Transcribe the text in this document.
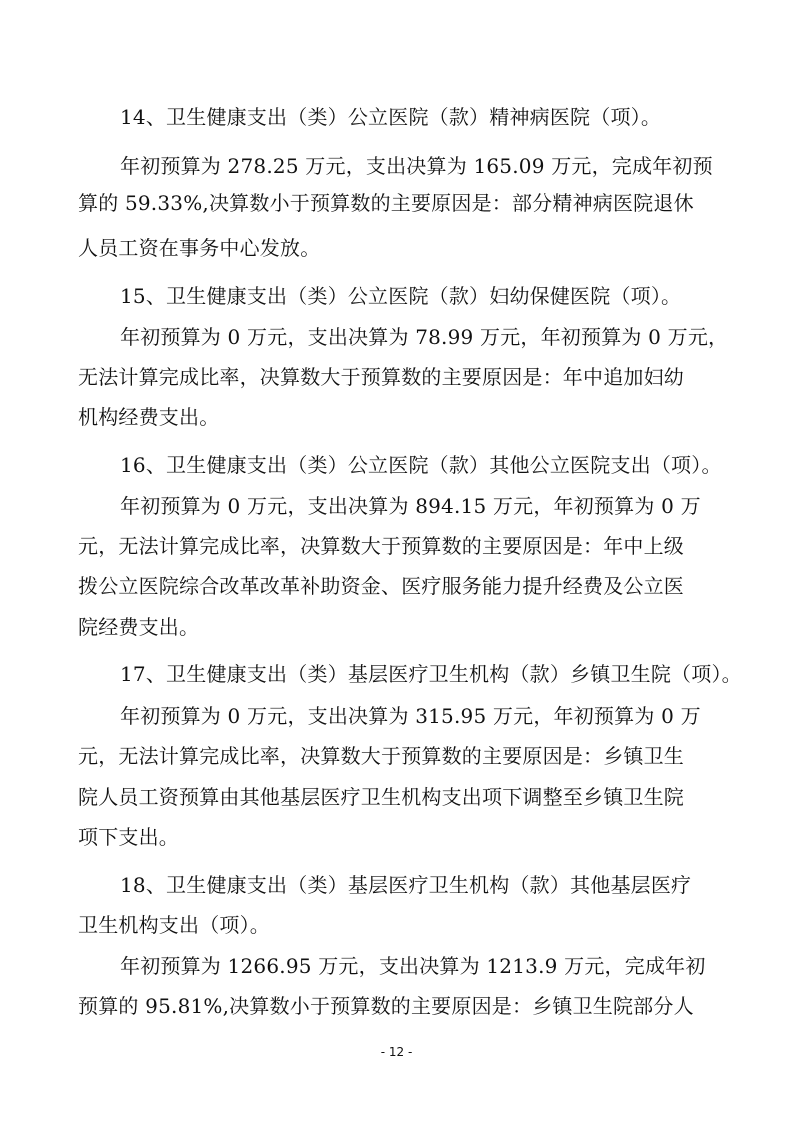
14、卫生健康支出（类）公立医院（款）精神病医院（项）。
年初预算为 278.25 万元，支出决算为 165.09 万元，完成年初预
算的 59.33%,决算数小于预算数的主要原因是：部分精神病医院退休
人员工资在事务中心发放。
15、卫生健康支出（类）公立医院（款）妇幼保健医院（项）。
年初预算为 0 万元，支出决算为 78.99 万元，年初预算为 0 万元，
无法计算完成比率，决算数大于预算数的主要原因是：年中追加妇幼
机构经费支出。
16、卫生健康支出（类）公立医院（款）其他公立医院支出（项）。
年初预算为 0 万元，支出决算为 894.15 万元，年初预算为 0 万
元，无法计算完成比率，决算数大于预算数的主要原因是：年中上级
拨公立医院综合改革改革补助资金、医疗服务能力提升经费及公立医
院经费支出。
17、卫生健康支出（类）基层医疗卫生机构（款）乡镇卫生院（项）。
年初预算为 0 万元，支出决算为 315.95 万元，年初预算为 0 万
元，无法计算完成比率，决算数大于预算数的主要原因是：乡镇卫生
院人员工资预算由其他基层医疗卫生机构支出项下调整至乡镇卫生院
项下支出。
18、卫生健康支出（类）基层医疗卫生机构（款）其他基层医疗
卫生机构支出（项）。
年初预算为 1266.95 万元，支出决算为 1213.9 万元，完成年初
预算的 95.81%,决算数小于预算数的主要原因是：乡镇卫生院部分人
- 12 -
